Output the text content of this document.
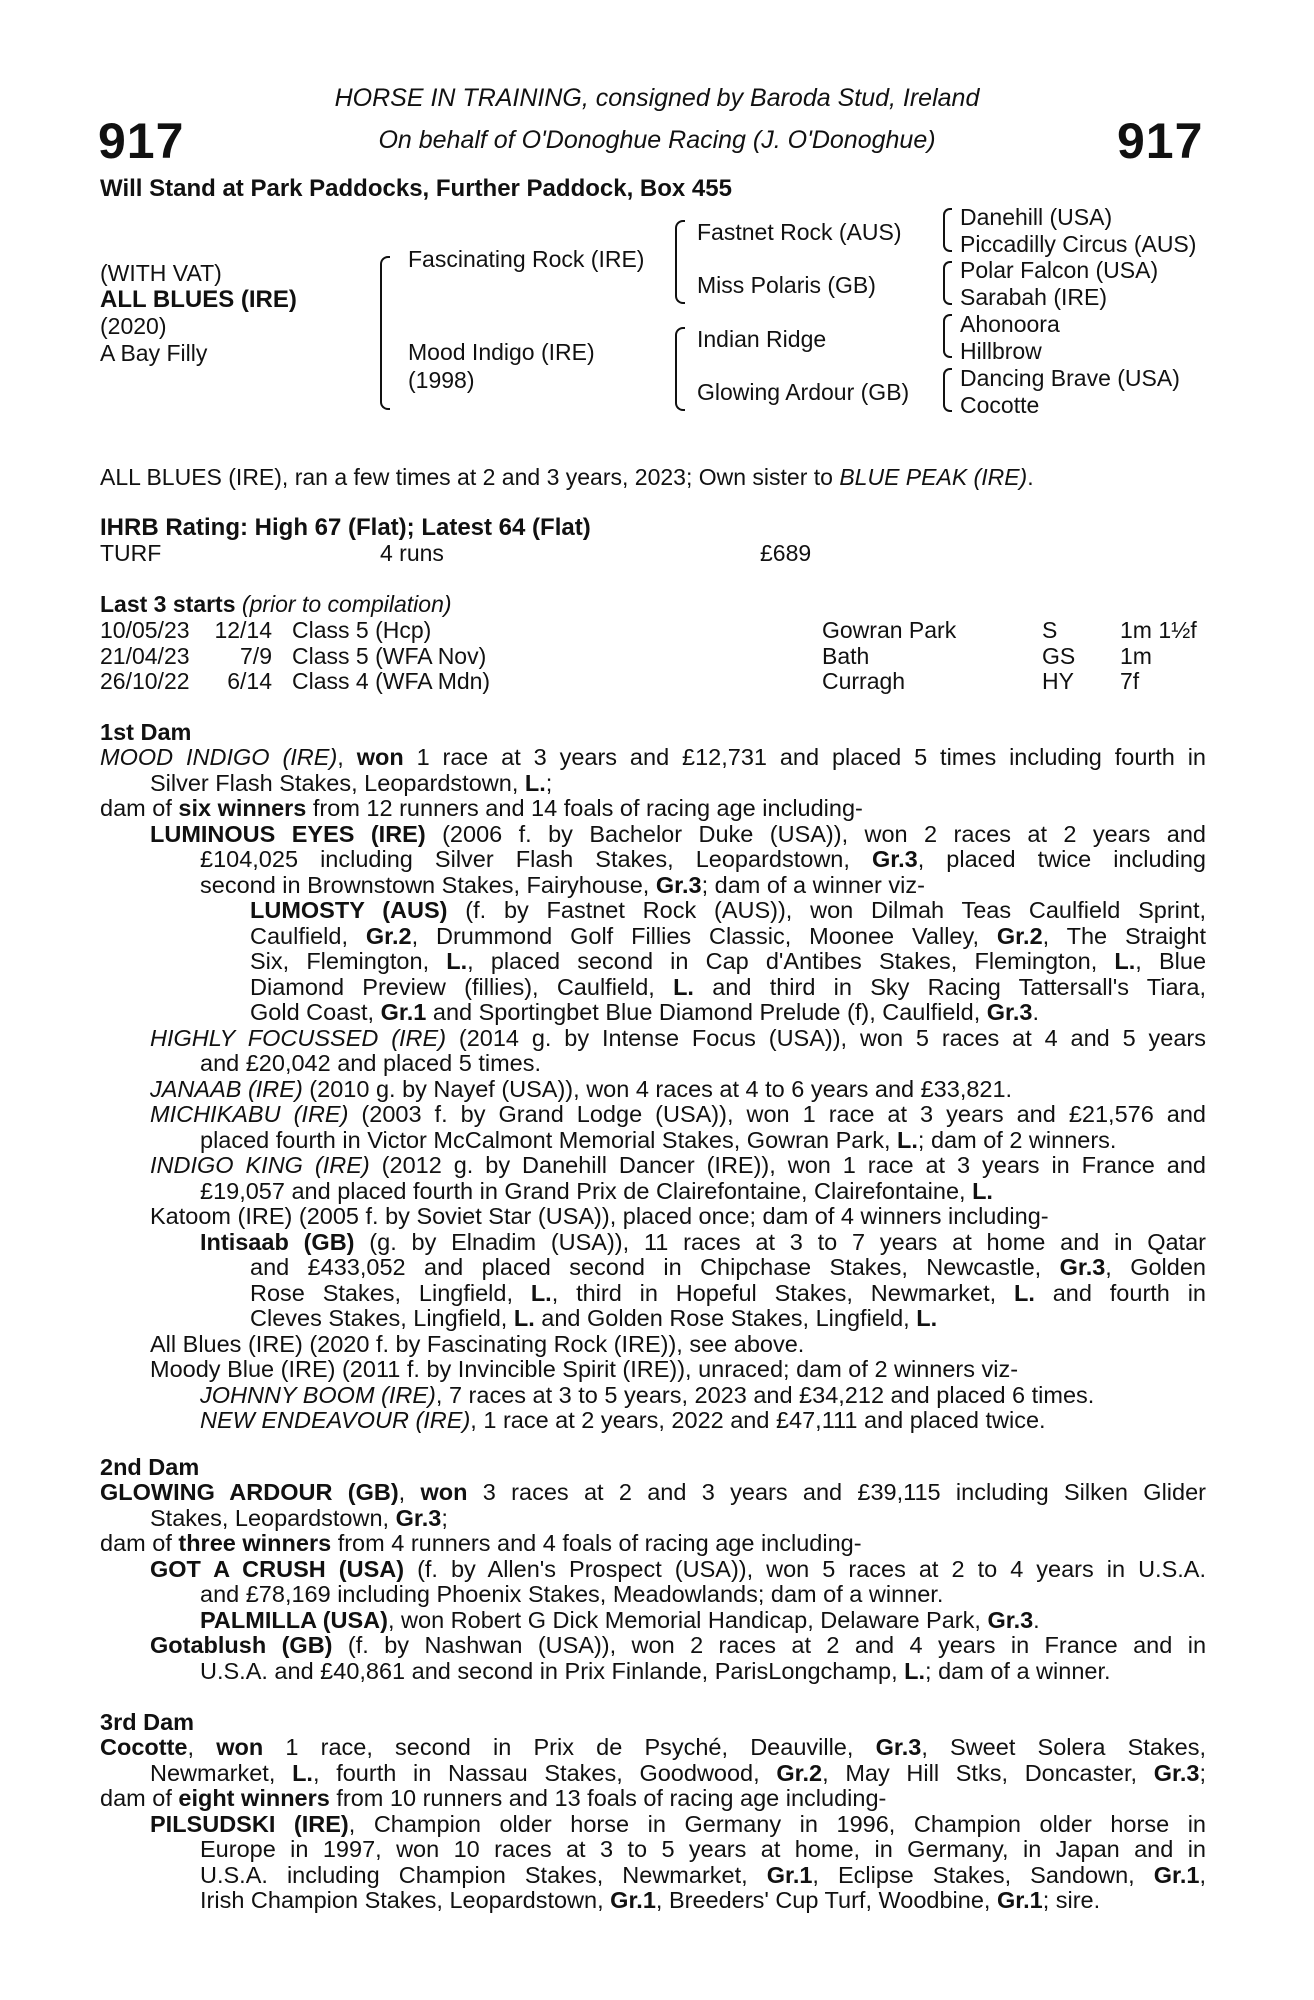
917	917
HORSE IN TRAINING, consigned by Baroda Stud, Ireland
On behalf of O'Donoghue Racing (J. O'Donoghue)
Will Stand at Park Paddocks, Further Paddock, Box 455
(WITH VAT)
ALL BLUES (IRE)
(2020)
A Bay Filly
Fascinating Rock (IRE)
Mood Indigo (IRE)
(1998)
Fastnet Rock (AUS)
Miss Polaris (GB)
Indian Ridge
Glowing Ardour (GB)
Danehill (USA)
Piccadilly Circus (AUS)
Polar Falcon (USA)
Sarabah (IRE)
Ahonoora
Hillbrow
Dancing Brave (USA)
Cocotte
ALL BLUES (IRE), ran a few times at 2 and 3 years, 2023; Own sister to BLUE PEAK (IRE).
IHRB Rating: High 67 (Flat); Latest 64 (Flat)
TURF	4 runs	£689
Last 3 starts (prior to compilation)
10/05/23 12/14 Class 5 (Hcp)	Gowran Park	S	1m 1½f
21/04/23	7/9 Class 5 (WFA Nov)	Bath	GS 1m
26/10/22	6/14 Class 4 (WFA Mdn)	Curragh	HY 7f
1st Dam
MOOD INDIGO (IRE), won 1 race at 3 years and £12,731 and placed 5 times including fourth in
Silver Flash Stakes, Leopardstown, L.;
dam of six winners from 12 runners and 14 foals of racing age including-
LUMINOUS EYES (IRE) (2006 f. by Bachelor Duke (USA)), won 2 races at 2 years and
£104,025 including Silver Flash Stakes, Leopardstown, Gr.3, placed twice including
second in Brownstown Stakes, Fairyhouse, Gr.3; dam of a winner viz-
LUMOSTY (AUS) (f. by Fastnet Rock (AUS)), won Dilmah Teas Caulfield Sprint,
Caulfield, Gr.2, Drummond Golf Fillies Classic, Moonee Valley, Gr.2, The Straight
Six, Flemington, L., placed second in Cap d'Antibes Stakes, Flemington, L., Blue
Diamond Preview (fillies), Caulfield, L. and third in Sky Racing Tattersall's Tiara,
Gold Coast, Gr.1 and Sportingbet Blue Diamond Prelude (f), Caulfield, Gr.3.
HIGHLY FOCUSSED (IRE) (2014 g. by Intense Focus (USA)), won 5 races at 4 and 5 years
and £20,042 and placed 5 times.
JANAAB (IRE) (2010 g. by Nayef (USA)), won 4 races at 4 to 6 years and £33,821.
MICHIKABU (IRE) (2003 f. by Grand Lodge (USA)), won 1 race at 3 years and £21,576 and
placed fourth in Victor McCalmont Memorial Stakes, Gowran Park, L.; dam of 2 winners.
INDIGO KING (IRE) (2012 g. by Danehill Dancer (IRE)), won 1 race at 3 years in France and
£19,057 and placed fourth in Grand Prix de Clairefontaine, Clairefontaine, L.
Katoom (IRE) (2005 f. by Soviet Star (USA)), placed once; dam of 4 winners including-
Intisaab (GB) (g. by Elnadim (USA)), 11 races at 3 to 7 years at home and in Qatar
and £433,052 and placed second in Chipchase Stakes, Newcastle, Gr.3, Golden
Rose Stakes, Lingfield, L., third in Hopeful Stakes, Newmarket, L. and fourth in
Cleves Stakes, Lingfield, L. and Golden Rose Stakes, Lingfield, L.
All Blues (IRE) (2020 f. by Fascinating Rock (IRE)), see above.
Moody Blue (IRE) (2011 f. by Invincible Spirit (IRE)), unraced; dam of 2 winners viz-
JOHNNY BOOM (IRE), 7 races at 3 to 5 years, 2023 and £34,212 and placed 6 times.
NEW ENDEAVOUR (IRE), 1 race at 2 years, 2022 and £47,111 and placed twice.
2nd Dam
GLOWING ARDOUR (GB), won 3 races at 2 and 3 years and £39,115 including Silken Glider
Stakes, Leopardstown, Gr.3;
dam of three winners from 4 runners and 4 foals of racing age including-
GOT A CRUSH (USA) (f. by Allen's Prospect (USA)), won 5 races at 2 to 4 years in U.S.A.
and £78,169 including Phoenix Stakes, Meadowlands; dam of a winner.
PALMILLA (USA), won Robert G Dick Memorial Handicap, Delaware Park, Gr.3.
Gotablush (GB) (f. by Nashwan (USA)), won 2 races at 2 and 4 years in France and in
U.S.A. and £40,861 and second in Prix Finlande, ParisLongchamp, L.; dam of a winner.
3rd Dam
Cocotte, won 1 race, second in Prix de Psyché, Deauville, Gr.3, Sweet Solera Stakes,
Newmarket, L., fourth in Nassau Stakes, Goodwood, Gr.2, May Hill Stks, Doncaster, Gr.3;
dam of eight winners from 10 runners and 13 foals of racing age including-
PILSUDSKI (IRE), Champion older horse in Germany in 1996, Champion older horse in
Europe in 1997, won 10 races at 3 to 5 years at home, in Germany, in Japan and in
U.S.A. including Champion Stakes, Newmarket, Gr.1, Eclipse Stakes, Sandown, Gr.1,
Irish Champion Stakes, Leopardstown, Gr.1, Breeders' Cup Turf, Woodbine, Gr.1; sire.
